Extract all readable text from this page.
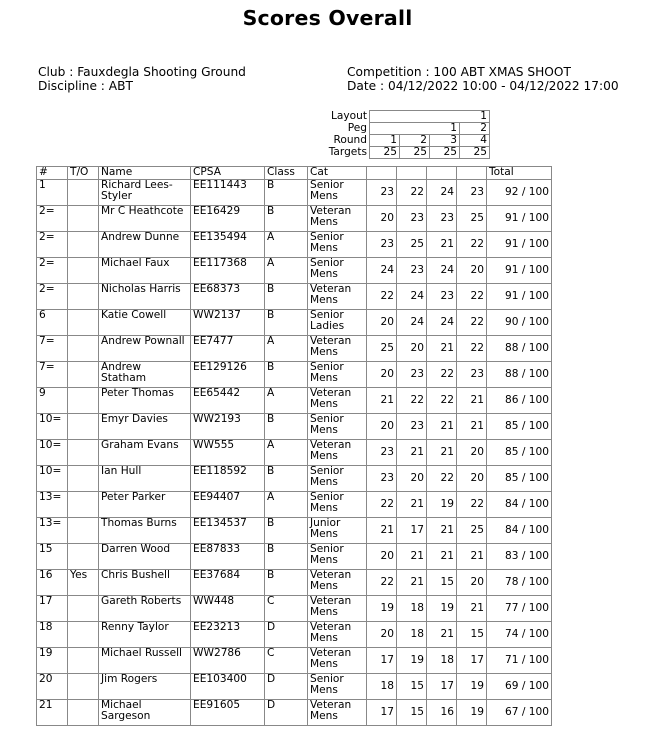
Scores Overall
Club : Fauxdegla Shooting Ground
Discipline : ABT
Competition : 100 ABT XMAS SHOOT
Date : 04/12/2022 10:00 - 04/12/2022 17:00
Layout	1			
Peg	1			2
Round	1	2	3	4
Targets	25	25	25	25
#	T/O	Name	CPSA	Class	Cat					Total
1		Richard Lees-Styler	EE111443	B	Senior Mens	23	22	24	23	92 / 100
2=		Mr C Heathcote	EE16429	B	Veteran Mens	20	23	23	25	91 / 100
2=		Andrew Dunne	EE135494	A	Senior Mens	23	25	21	22	91 / 100
2=		Michael Faux	EE117368	A	Senior Mens	24	23	24	20	91 / 100
2=		Nicholas Harris	EE68373	B	Veteran Mens	22	24	23	22	91 / 100
6		Katie Cowell	WW2137	B	Senior Ladies	20	24	24	22	90 / 100
7=		Andrew Pownall	EE7477	A	Veteran Mens	25	20	21	22	88 / 100
7=		Andrew Statham	EE129126	B	Senior Mens	20	23	22	23	88 / 100
9		Peter Thomas	EE65442	A	Veteran Mens	21	22	22	21	86 / 100
10=		Emyr Davies	WW2193	B	Senior Mens	20	23	21	21	85 / 100
10=		Graham Evans	WW555	A	Veteran Mens	23	21	21	20	85 / 100
10=		Ian Hull	EE118592	B	Senior Mens	23	20	22	20	85 / 100
13=		Peter Parker	EE94407	A	Senior Mens	22	21	19	22	84 / 100
13=		Thomas Burns	EE134537	B	Junior Mens	21	17	21	25	84 / 100
15		Darren Wood	EE87833	B	Senior Mens	20	21	21	21	83 / 100
16	Yes	Chris Bushell	EE37684	B	Veteran Mens	22	21	15	20	78 / 100
17		Gareth Roberts	WW448	C	Veteran Mens	19	18	19	21	77 / 100
18		Renny Taylor	EE23213	D	Veteran Mens	20	18	21	15	74 / 100
19		Michael Russell	WW2786	C	Veteran Mens	17	19	18	17	71 / 100
20		Jim Rogers	EE103400	D	Senior Mens	18	15	17	19	69 / 100
21		Michael Sargeson	EE91605	D	Veteran Mens	17	15	16	19	67 / 100
